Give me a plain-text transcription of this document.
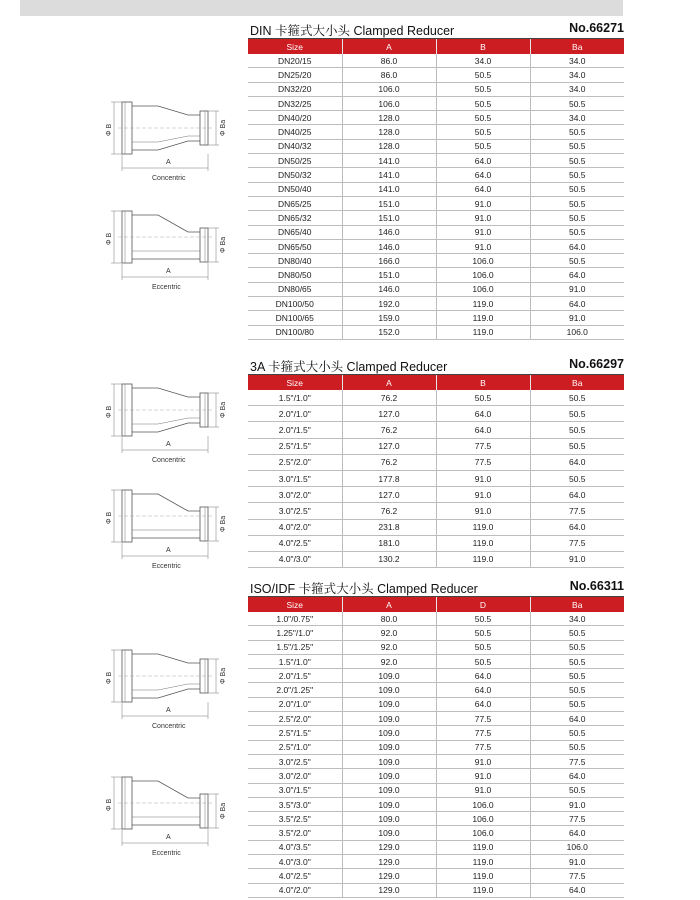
DIN 卡箍式大小头 Clamped Reducer	No.66271
Size	A	B	Ba
DN20/15	86.0	34.0	34.0
DN25/20	86.0	50.5	34.0
DN32/20	106.0	50.5	34.0
DN32/25	106.0	50.5	50.5
DN40/20	128.0	50.5	34.0
DN40/25	128.0	50.5	50.5
DN40/32	128.0	50.5	50.5
DN50/25	141.0	64.0	50.5
DN50/32	141.0	64.0	50.5
DN50/40	141.0	64.0	50.5
DN65/25	151.0	91.0	50.5
DN65/32	151.0	91.0	50.5
DN65/40	146.0	91.0	50.5
DN65/50	146.0	91.0	64.0
DN80/40	166.0	106.0	50.5
DN80/50	151.0	106.0	64.0
DN80/65	146.0	106.0	91.0
DN100/50	192.0	119.0	64.0
DN100/65	159.0	119.0	91.0
DN100/80	152.0	119.0	106.0
3A 卡箍式大小头 Clamped Reducer	No.66297
Size	A	B	Ba
1.5"/1.0"	76.2	50.5	50.5
2.0"/1.0"	127.0	64.0	50.5
2.0"/1.5"	76.2	64.0	50.5
2.5"/1.5"	127.0	77.5	50.5
2.5"/2.0"	76.2	77.5	64.0
3.0"/1.5"	177.8	91.0	50.5
3.0"/2.0"	127.0	91.0	64.0
3.0"/2.5"	76.2	91.0	77.5
4.0"/2.0"	231.8	119.0	64.0
4.0"/2.5"	181.0	119.0	77.5
4.0"/3.0"	130.2	119.0	91.0
ISO/IDF 卡箍式大小头 Clamped Reducer	No.66311
Size	A	D	Ba
1.0"/0.75"	80.0	50.5	34.0
1.25"/1.0"	92.0	50.5	50.5
1.5"/1.25"	92.0	50.5	50.5
1.5"/1.0"	92.0	50.5	50.5
2.0"/1.5"	109.0	64.0	50.5
2.0"/1.25"	109.0	64.0	50.5
2.0"/1.0"	109.0	64.0	50.5
2.5"/2.0"	109.0	77.5	64.0
2.5"/1.5"	109.0	77.5	50.5
2.5"/1.0"	109.0	77.5	50.5
3.0"/2.5"	109.0	91.0	77.5
3.0"/2.0"	109.0	91.0	64.0
3.0"/1.5"	109.0	91.0	50.5
3.5"/3.0"	109.0	106.0	91.0
3.5"/2.5"	109.0	106.0	77.5
3.5"/2.0"	109.0	106.0	64.0
4.0"/3.5"	129.0	119.0	106.0
4.0"/3.0"	129.0	119.0	91.0
4.0"/2.5"	129.0	119.0	77.5
4.0"/2.0"	129.0	119.0	64.0
Φ B	Φ Ba
A
Concentric
Φ B	Φ Ba
A
Eccentric
Φ B	Φ Ba
A
Concentric
Φ B	Φ Ba
A
Eccentric
Φ B	Φ Ba
A
Concentric
Φ B	Φ Ba
A
Eccentric
